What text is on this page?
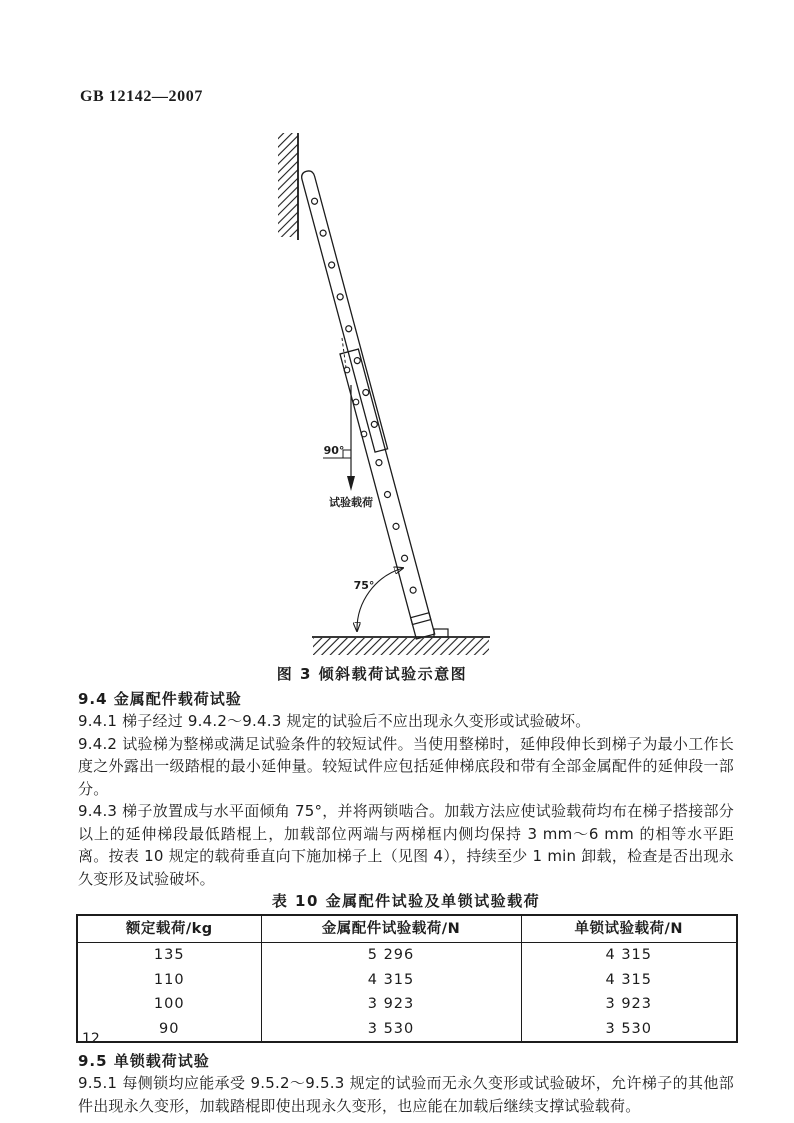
GB 12142—2007
90°
试验载荷
75°
图 3 倾斜载荷试验示意图
9.4 金属配件载荷试验

9.4.1 梯子经过 9.4.2～9.4.3 规定的试验后不应出现永久变形或试验破坏。

9.4.2 试验梯为整梯或满足试验条件的较短试件。当使用整梯时，延伸段伸长到梯子为最小工作长度之外露出一级踏棍的最小延伸量。较短试件应包括延伸梯底段和带有全部金属配件的延伸段一部分。

9.4.3 梯子放置成与水平面倾角 75°，并将两锁啮合。加载方法应使试验载荷均布在梯子搭接部分以上的延伸梯段最低踏棍上，加载部位两端与两梯框内侧均保持 3 mm～6 mm 的相等水平距离。按表 10 规定的载荷垂直向下施加梯子上（见图 4），持续至少 1 min 卸载，检查是否出现永久变形及试验破坏。

表 10 金属配件试验及单锁试验载荷
额定载荷/kg	金属配件试验载荷/N	单锁试验载荷/N
135	5 296	4 315
110	4 315	4 315
100	3 923	3 923
90	3 530	3 530
9.5 单锁载荷试验

9.5.1 每侧锁均应能承受 9.5.2～9.5.3 规定的试验而无永久变形或试验破坏，允许梯子的其他部件出现永久变形，加载踏棍即使出现永久变形，也应能在加载后继续支撑试验载荷。

12
